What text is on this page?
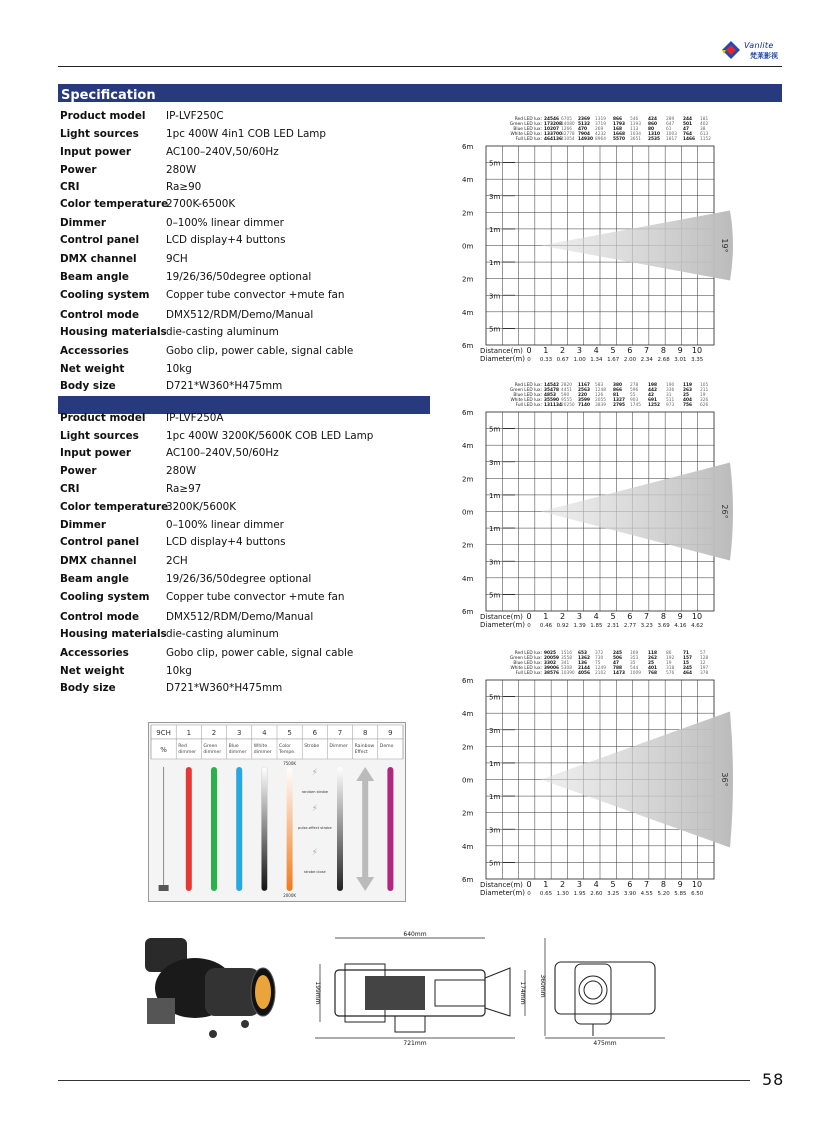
Vanlite
梵莱影视
Specification
Product model IP-LVF250C
Light sources	1pc 400W 4in1 COB LED Lamp
Input power	AC100–240V,50/60Hz
Power	280W
CRI	Ra≥90
Color temperature
2700K-6500K
Dimmer	0–100% linear dimmer
Control panel	LCD display+4 buttons
DMX channel	9CH
Beam angle	19/26/36/50degree optional
Cooling system Copper tube convector +mute fan
Control mode	DMX512/RDM/Demo/Manual
Housing materials die-casting aluminum
Accessories	Gobo clip, power cable, signal cable
Net weight	10kg
Body size	D721*W360*H475mm
Product model IP-LVF250A
Light sources	1pc 400W 3200K/5600K COB LED Lamp
Input power	AC100–240V,50/60Hz
Power	280W
CRI	Ra≥97
Color temperature
3200K/5600K
Dimmer	0–100% linear dimmer
Control panel	LCD display+4 buttons
DMX channel	2CH
Beam angle	19/26/36/50degree optional
Cooling system Copper tube convector +mute fan
Control mode	DMX512/RDM/Demo/Manual
Housing materials die-casting aluminum
Accessories	Gobo clip, power cable, signal cable
Net weight	10kg
Body size	D721*W360*H475mm
Red LED lux: 24546 6705 2369 1319 866 546 424 289 244 181
Green LED lux: 173208 14080 5132 3719 1793 1193 860 647 501 402
Blue LED lux: 10207 1266 470 269 168 113 80	61	47	38
White LED lux: 133700 32778 7904 4232 1668 1034 1310 1003 764 613
Full LED lux: 464136 41054 14930 8964 5570 3651 2535 1817 1466 1152
6m
4m
2m
0m
2m
4m
6m
5m
3m
1m
1m
3m
5m
19°
Distance(m) 0 1 2 3 4 5 6 7 8 9 10
Diameter(m) 0 0.33 0.67 1.00 1.34 1.67 2.00 2.34 2.68 3.01 3.35
Red LED lux: 14542 2820 1167 583 380 278 198 190 119 105
Green LED lux: 35478 4451 2563 1248 866 596 442 336 263 211
Blue LED lux: 4853 590 220 126 81	55	42	31	25	19
White LED lux: 35590 9555 3599 2055 1327 903 691 511 404 326
Full LED lux: 131134 20250 7140 3839 2795 1745 1252 973 756 626
6m
4m
2m
0m
2m
4m
6m
5m
3m
1m
1m
3m
5m
26°
Distance(m) 0 1 2 3 4 5 6 7 8 9 10
Diameter(m) 0 0.46 0.92 1.39 1.85 2.31 2.77 3.23 3.69 4.16 4.62
Red LED lux: 9025 1516 653 372 245 169 118 86	71	57
Green LED lux: 20059 3558 1362 730 506 353 262 192 157 128
Blue LED lux: 3302 341 136 75	47	35	25	19	15	12
White LED lux: 39006 5308 2144 1249 788 544 401 318 245 197
Full LED lux: 38576 10390 4056 2102 1473 1009 768 576 464 378
6m
4m
2m
0m
2m
4m
6m
5m
3m
1m
1m
3m
5m
36°
Distance(m) 0 1 2 3 4 5 6 7 8 9 10
Diameter(m) 0 0.65 1.30 1.95 2.60 3.25 3.90 4.55 5.20 5.85 6.50
9CH
%
1	2	3	4	5	6	7	8	9
Red dimmer
Green dimmer
Blue dimmer
White dimmer
Color Tempe.
Strobe Dimmer Rainbow Effect
Demo
7500K
2000K
⚡
random strobe
⚡
pulse-effect strobe
⚡
strobe close
640mm
721mm
199mm	174mm 360mm
475mm
58
